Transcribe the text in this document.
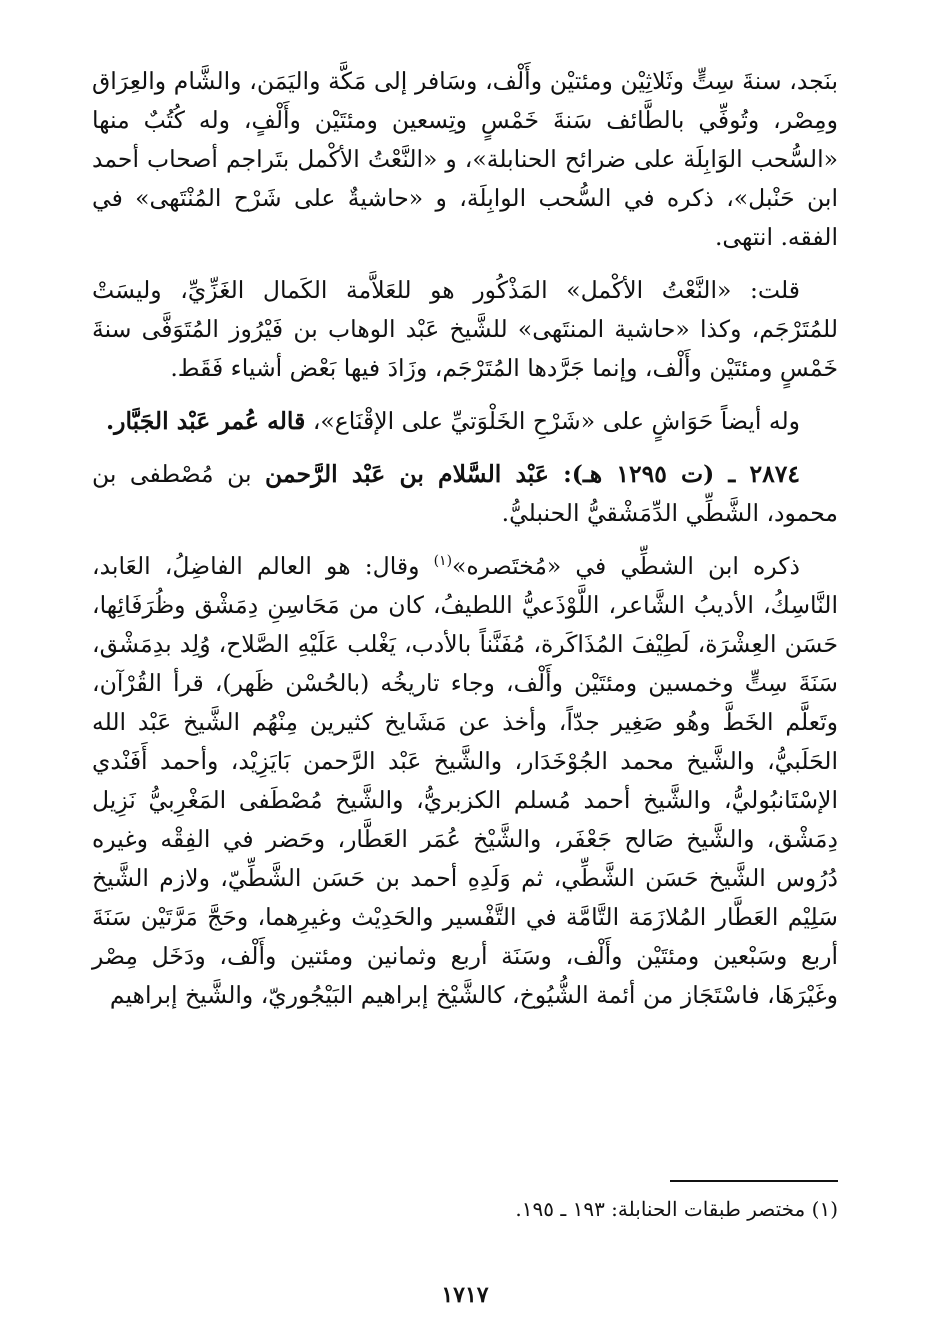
بنَجد، سنةَ سِتٍّ وثَلاثِيْن ومئتيْن وأَلْف، وسَافر إلى مَكَّة واليَمَن، والشَّام والعِرَاق ومِصْر، وتُوفِّي بالطَّائف سَنةَ خَمْسٍ وتِسعين ومئتَيْن وأَلْفٍ، وله كُتُبٌ منها «السُّحب الوَابِلَة على ضرائح الحنابلة»، و «النَّعْتُ الأكْمل بتَراجم أصحاب أحمد ابن حَنْبل»، ذكره في السُّحب الوابِلَة، و «حاشيةٌ على شَرْح المُنْتَهى» في الفقه. انتهى.

قلت: «النَّعْتُ الأكْمل» المَذْكُور هو للعَلاَّمة الكَمال الغَزِّيِّ، وليسَتْ للمُتَرْجَم، وكذا «حاشية المنتَهى» للشَّيخ عَبْد الوهاب بن فَيْرُوز المُتَوَفَّى سنةَ خَمْسٍ ومئتَيْن وأَلْف، وإنما جَرَّدها المُتَرْجَم، وزَادَ فيها بَعْض أشياء فَقَط.

وله أيضاً حَوَاشٍ على «شَرْحِ الخَلْوَتيِّ على الإقْنَاع»، قاله عُمر عَبْد الجَبَّار.

٢٨٧٤ ـ (ت ١٢٩٥ هـ): عَبْد السَّلام بن عَبْد الرَّحمن بن مُصْطفى بن محمود، الشَّطِّي الدِّمَشْقيُّ الحنبليُّ.

ذكره ابن الشطِّي في «مُختَصره»$^{(١)}$ وقال: هو العالم الفاضِلُ، العَابد، النَّاسِكُ، الأديبُ الشَّاعر، اللَّوْذَعيُّ اللطيفُ، كان من مَحَاسِنِ دِمَشْق وظُرَفَائِها، حَسَن العِشْرَة، لَطِيْفَ المُذَاكَرة، مُفَنَّناً بالأدب، يَغْلب عَلَيْهِ الصَّلاح، وُلِد بدِمَشْق، سَنَةَ سِتٍّ وخمسين ومئتَيْن وأَلْف، وجاء تاريخُه (بالحُسْن ظَهر)، قرأ القُرْآن، وتَعلَّم الخَطَّ وهُو صَغِير جدّاً، وأخذ عن مَشَايخ كثيرين مِنْهُم الشَّيخ عَبْد الله الحَلَبيُّ، والشَّيخ محمد الجُوْخَدَار، والشَّيخ عَبْد الرَّحمن بَايَزِيْد، وأحمد أَفَنْدي الإسْتَانبُوليُّ، والشَّيخ أحمد مُسلم الكزبريُّ، والشَّيخ مُصْطَفى المَغْرِبيُّ نَزِيل دِمَشْق، والشَّيخ صَالح جَعْفَر، والشَّيْخ عُمَر العَطَّار، وحَضر في الفِقْه وغيره دُرُوس الشَّيخ حَسَن الشَّطِّي، ثم وَلَدِهِ أحمد بن حَسَن الشَّطِّيّ، ولازم الشَّيخ سَلِيْم العَطَّار المُلازَمَة التَّامَّة في التَّفْسير والحَدِيْث وغيرِهما، وحَجَّ مَرَّتَيْن سَنَةَ أربع وسَبْعين ومئتَيْن وأَلْف، وسَنَة أربع وثمانين ومئتين وأَلْف، ودَخَل مِصْر وغَيْرَهَا، فاسْتَجَاز من أئمة الشُّيُوخ، كالشَّيْخ إبراهيم البَيْجُوريّ، والشَّيخ إبراهيم

(١) مختصر طبقات الحنابلة: ١٩٣ ـ ١٩٥.

١٧١٧
